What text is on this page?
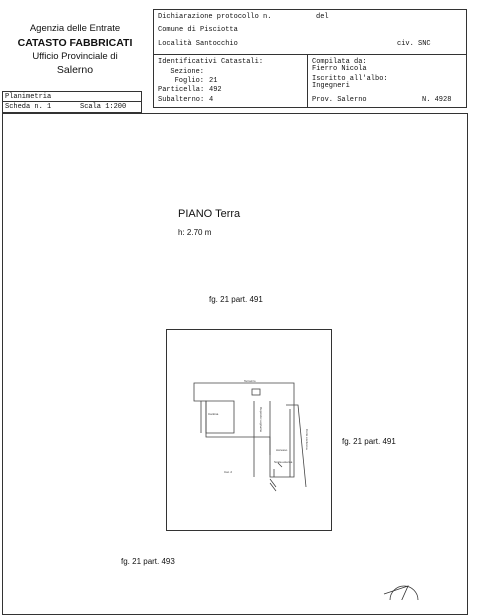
Agenzia delle Entrate
CATASTO FABBRICATI
Ufficio Provinciale di
Salerno
Dichiarazione protocollo n.	del
Comune di Pisciotta
Località Santocchio	civ. SNC
Identificativi Catastali:
Sezione:
Foglio: 21
Particella: 492
Subalterno: 4
Compilata da:
Fierro Nicola
Iscritto all'albo:
Ingegneri
Prov. Salerno	N. 4928
Planimetria
Scheda n. 1	Scala 1:200
PIANO Terra
h: 2.70 m
fg. 21 part. 491
fg. 21 part. 491
fg. 21 part. 493
Terrazzo
Cantina
Cat. 2
Accesso
Scala esterna
Deposito Legname
Corte esclusiva
